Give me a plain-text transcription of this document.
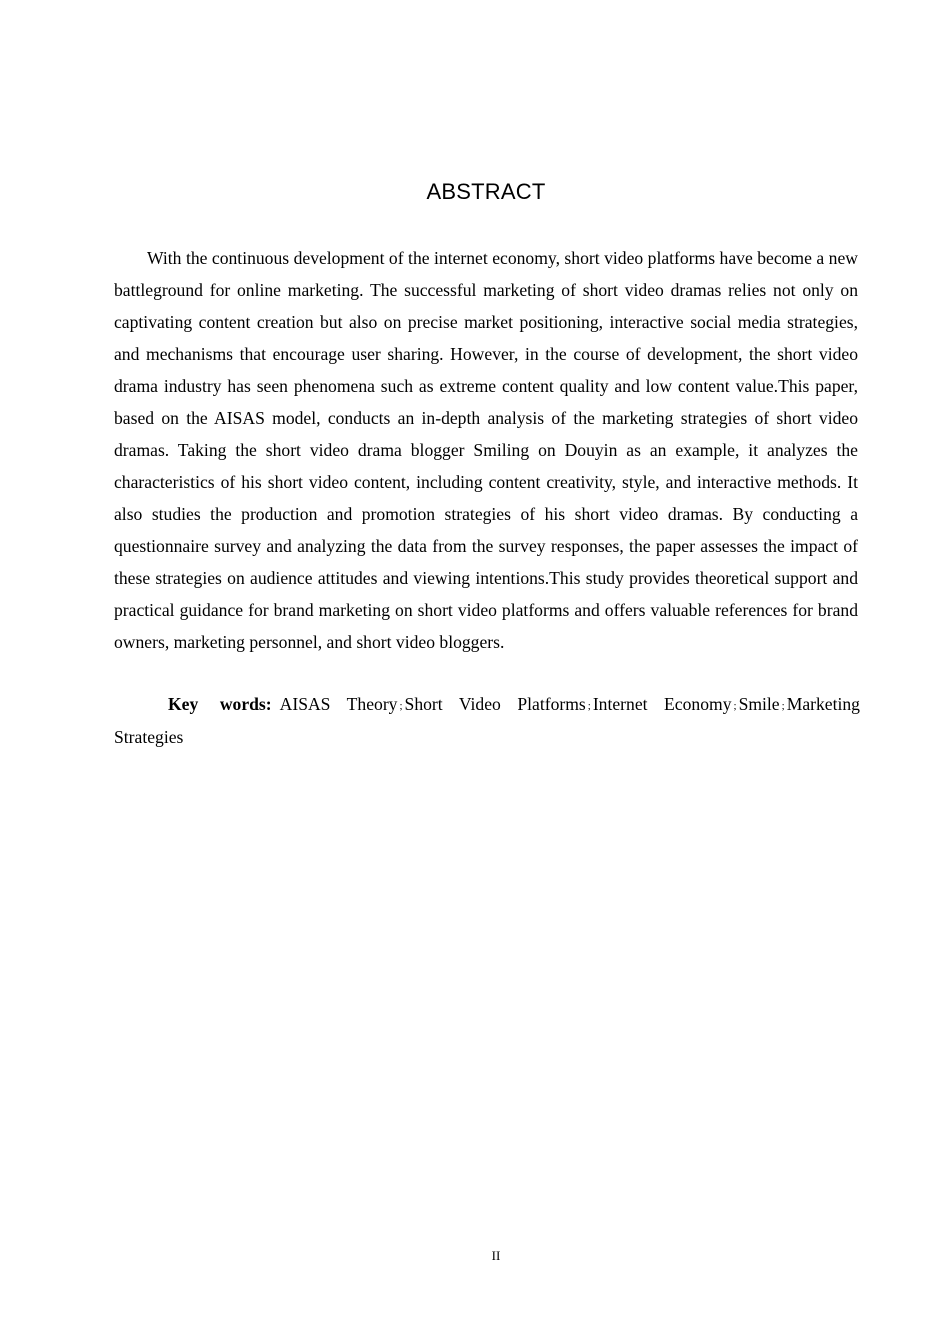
ABSTRACT

With the continuous development of the internet economy, short video platforms have become a new battleground for online marketing. The successful marketing of short video dramas relies not only on captivating content creation but also on precise market positioning, interactive social media strategies, and mechanisms that encourage user sharing. However, in the course of development, the short video drama industry has seen phenomena such as extreme content quality and low content value.This paper, based on the AISAS model, conducts an in-depth analysis of the marketing strategies of short video dramas. Taking the short video drama blogger Smiling on Douyin as an example, it analyzes the characteristics of his short video content, including content creativity, style, and interactive methods. It also studies the production and promotion strategies of his short video dramas. By conducting a questionnaire survey and analyzing the data from the survey responses, the paper assesses the impact of these strategies on audience attitudes and viewing intentions.This study provides theoretical support and practical guidance for brand marketing on short video platforms and offers valuable references for brand owners, marketing personnel, and short video bloggers.

Key words: AISAS Theory ; Short Video Platforms ; Internet Economy ; Smile ; Marketing Strategies

II
